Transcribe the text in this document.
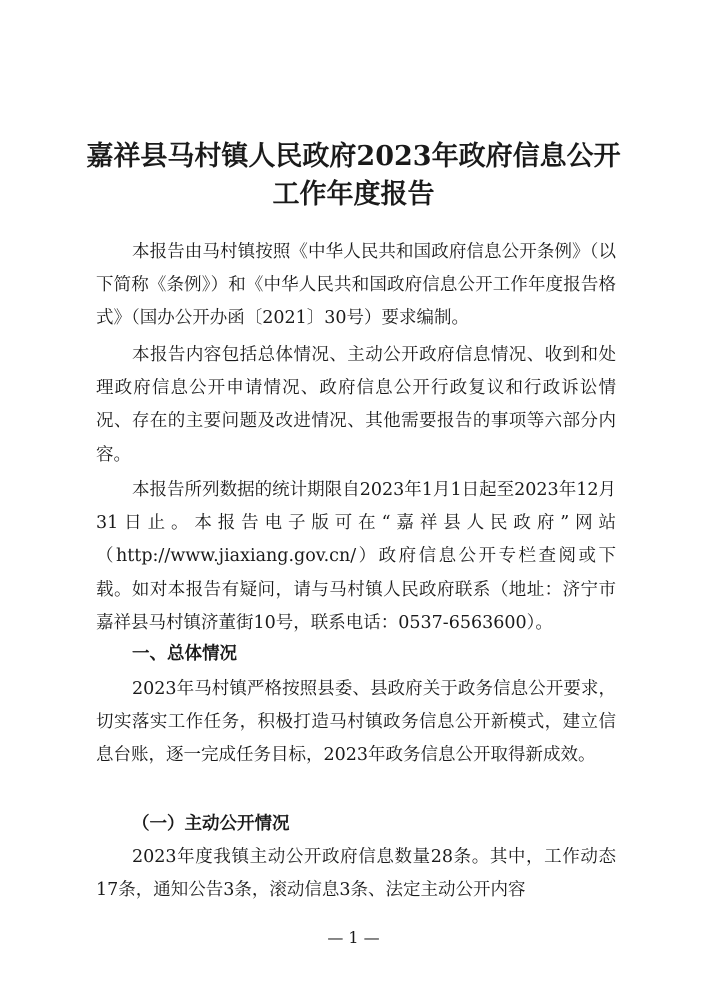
嘉祥县马村镇人民政府2023年政府信息公开
工作年度报告

本报告由马村镇按照《中华人民共和国政府信息公开条例》（以下简称《条例》）和《中华人民共和国政府信息公开工作年度报告格式》（国办公开办函〔2021〕30号）要求编制。

本报告内容包括总体情况、主动公开政府信息情况、收到和处理政府信息公开申请情况、政府信息公开行政复议和行政诉讼情况、存在的主要问题及改进情况、其他需要报告的事项等六部分内容。

本报告所列数据的统计期限自2023年1月1日起至2023年12月31日止。本报告电子版可在“嘉祥县人民政府”网站（http://www.jiaxiang.gov.cn/）政府信息公开专栏查阅或下载。如对本报告有疑问，请与马村镇人民政府联系（地址：济宁市嘉祥县马村镇济董街10号，联系电话：0537-6563600）。

一、总体情况

2023年马村镇严格按照县委、县政府关于政务信息公开要求，切实落实工作任务，积极打造马村镇政务信息公开新模式，建立信息台账，逐一完成任务目标，2023年政务信息公开取得新成效。

（一）主动公开情况

2023年度我镇主动公开政府信息数量28条。其中，工作动态17条，通知公告3条，滚动信息3条、法定主动公开内容

— 1 —
